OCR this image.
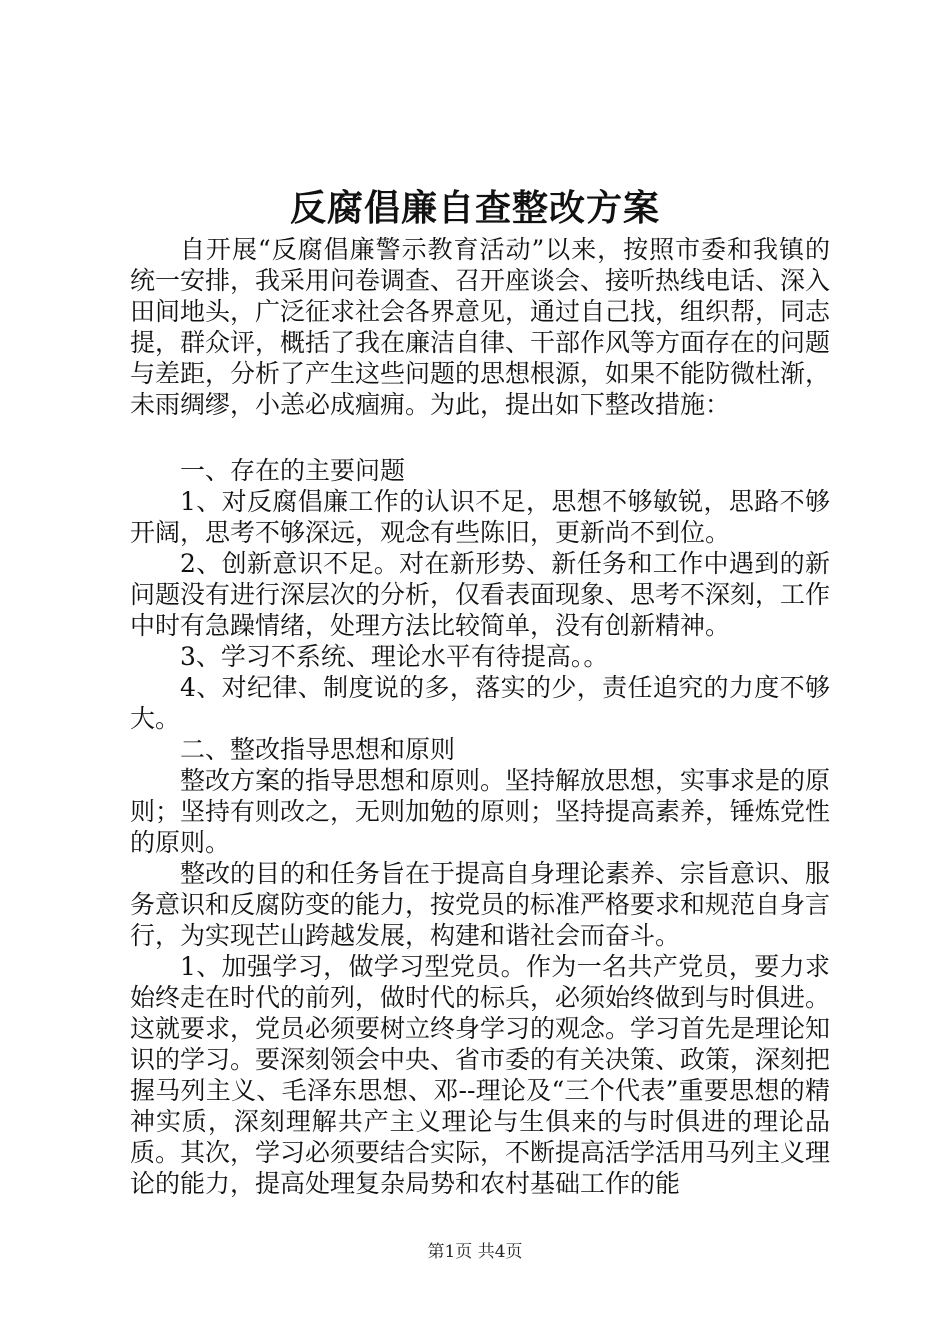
反腐倡廉自查整改方案

自开展“反腐倡廉警示教育活动”以来，按照市委和我镇的统一安排，我采用问卷调查、召开座谈会、接听热线电话、深入田间地头，广泛征求社会各界意见，通过自己找，组织帮，同志提，群众评，概括了我在廉洁自律、干部作风等方面存在的问题与差距，分析了产生这些问题的思想根源，如果不能防微杜渐，未雨绸缪，小恙必成痼痈。为此，提出如下整改措施：

一、存在的主要问题

1、对反腐倡廉工作的认识不足，思想不够敏锐，思路不够开阔，思考不够深远，观念有些陈旧，更新尚不到位。

2、创新意识不足。对在新形势、新任务和工作中遇到的新问题没有进行深层次的分析，仅看表面现象、思考不深刻，工作中时有急躁情绪，处理方法比较简单，没有创新精神。

3、学习不系统、理论水平有待提高。。

4、对纪律、制度说的多，落实的少，责任追究的力度不够大。

二、整改指导思想和原则

整改方案的指导思想和原则。坚持解放思想，实事求是的原则；坚持有则改之，无则加勉的原则；坚持提高素养，锤炼党性的原则。

整改的目的和任务旨在于提高自身理论素养、宗旨意识、服务意识和反腐防变的能力，按党员的标准严格要求和规范自身言行，为实现芒山跨越发展，构建和谐社会而奋斗。

1、加强学习，做学习型党员。作为一名共产党员，要力求始终走在时代的前列，做时代的标兵，必须始终做到与时俱进。这就要求，党员必须要树立终身学习的观念。学习首先是理论知识的学习。要深刻领会中央、省市委的有关决策、政策，深刻把握马列主义、毛泽东思想、邓--理论及“三个代表”重要思想的精神实质，深刻理解共产主义理论与生俱来的与时俱进的理论品质。其次，学习必须要结合实际，不断提高活学活用马列主义理论的能力，提高处理复杂局势和农村基础工作的能

第1页 共4页
